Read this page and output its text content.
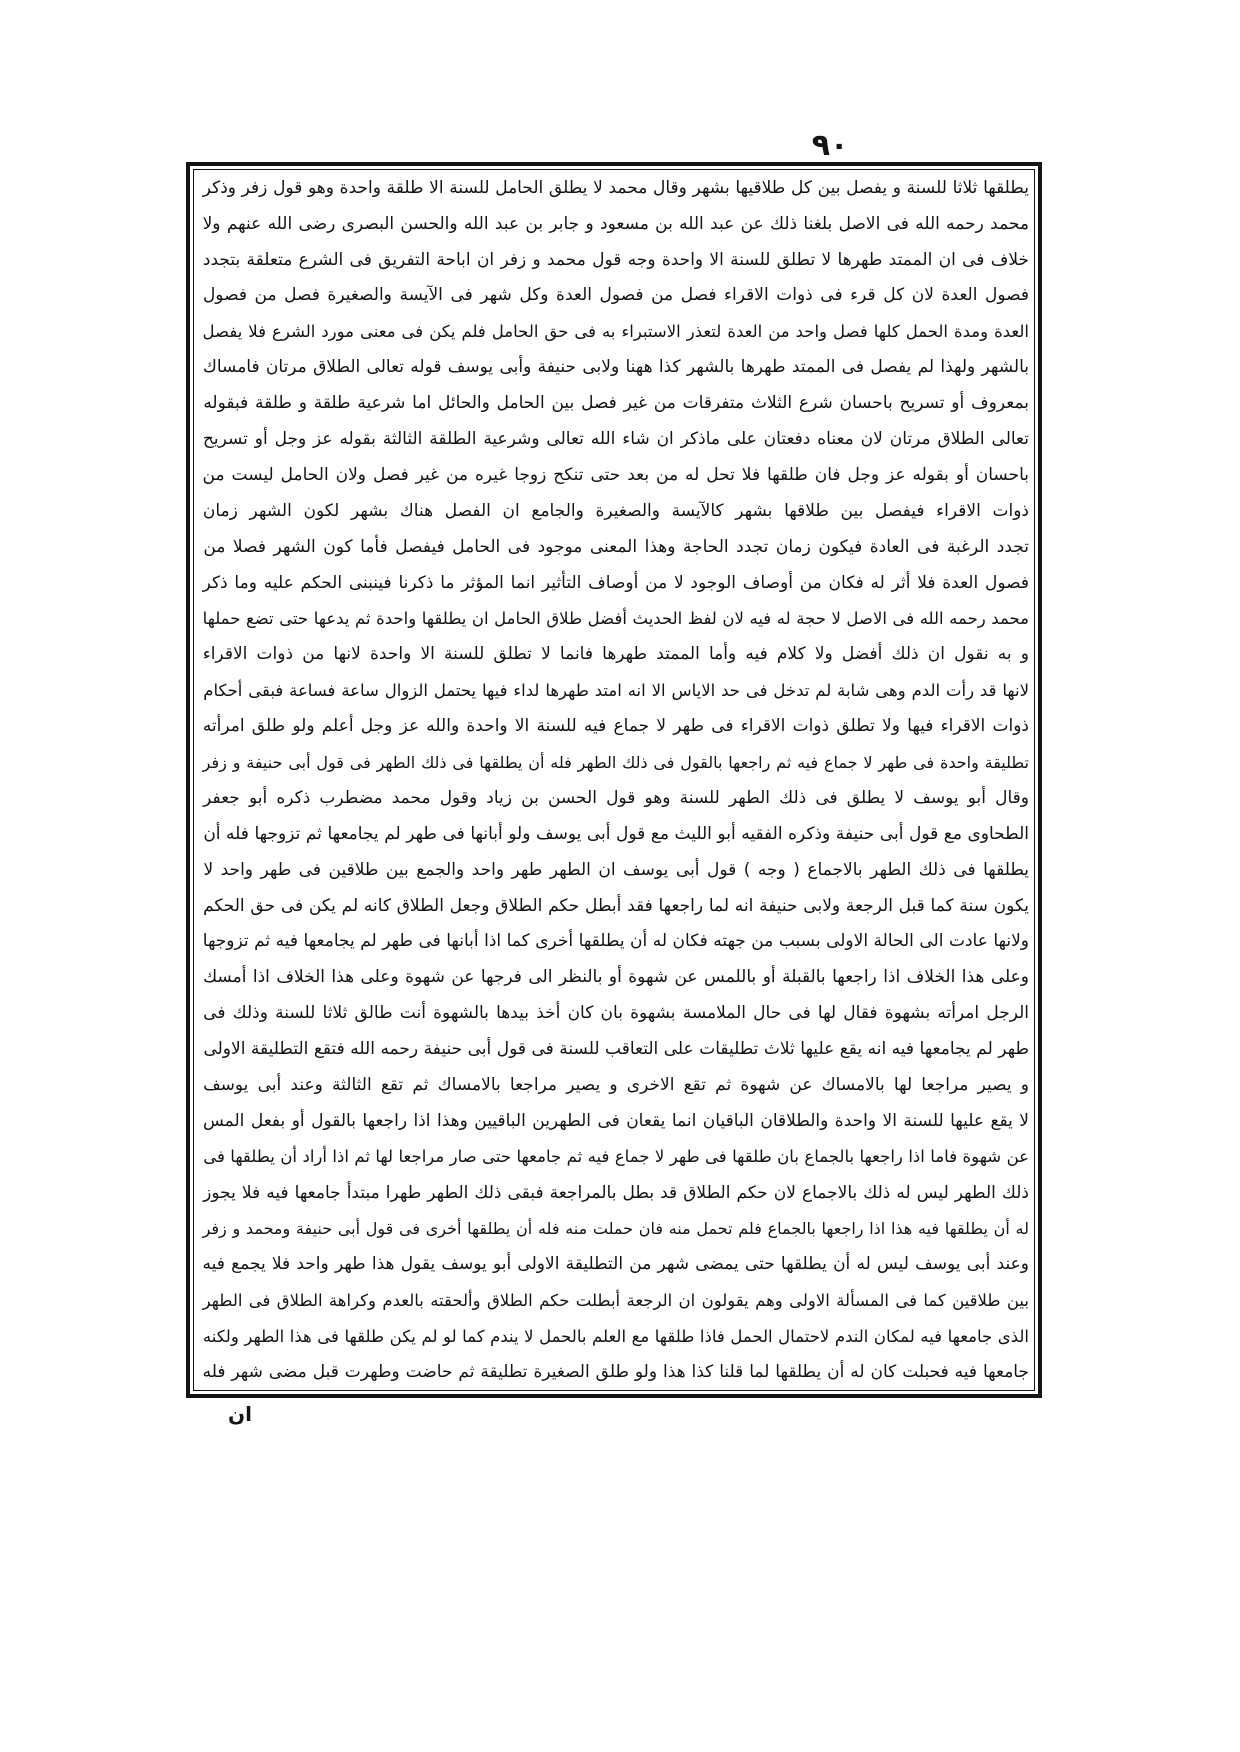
٩٠
يطلقها ثلاثا للسنة و يفصل بين كل طلاقيها بشهر وقال محمد لا يطلق الحامل للسنة الا طلقة واحدة وهو قول زفر وذكر
محمد رحمه الله فى الاصل بلغنا ذلك عن عبد الله بن مسعود و جابر بن عبد الله والحسن البصرى رضى الله عنهم ولا
خلاف فى ان الممتد طهرها لا تطلق للسنة الا واحدة وجه قول محمد و زفر ان اباحة التفريق فى الشرع متعلقة بتجدد
فصول العدة لان كل قرء فى ذوات الاقراء فصل من فصول العدة وكل شهر فى الآيسة والصغيرة فصل من فصول
العدة ومدة الحمل كلها فصل واحد من العدة لتعذر الاستبراء به فى حق الحامل فلم يكن فى معنى مورد الشرع فلا يفصل
بالشهر ولهذا لم يفصل فى الممتد طهرها بالشهر كذا ههنا ولابى حنيفة وأبى يوسف قوله تعالى الطلاق مرتان فامساك
بمعروف أو تسريح باحسان شرع الثلاث متفرقات من غير فصل بين الحامل والحائل اما شرعية طلقة و طلقة فبقوله
تعالى الطلاق مرتان لان معناه دفعتان على ماذكر ان شاء الله تعالى وشرعية الطلقة الثالثة بقوله عز وجل أو تسريح
باحسان أو بقوله عز وجل فان طلقها فلا تحل له من بعد حتى تنكح زوجا غيره من غير فصل ولان الحامل ليست من
ذوات الاقراء فيفصل بين طلاقها بشهر كالآيسة والصغيرة والجامع ان الفصل هناك بشهر لكون الشهر زمان
تجدد الرغبة فى العادة فيكون زمان تجدد الحاجة وهذا المعنى موجود فى الحامل فيفصل فأما كون الشهر فصلا من
فصول العدة فلا أثر له فكان من أوصاف الوجود لا من أوصاف التأثير انما المؤثر ما ذكرنا فينبنى الحكم عليه وما ذكر
محمد رحمه الله فى الاصل لا حجة له فيه لان لفظ الحديث أفضل طلاق الحامل ان يطلقها واحدة ثم يدعها حتى تضع حملها
و به نقول ان ذلك أفضل ولا كلام فيه وأما الممتد طهرها فانما لا تطلق للسنة الا واحدة لانها من ذوات الاقراء
لانها قد رأت الدم وهى شابة لم تدخل فى حد الاياس الا انه امتد طهرها لداء فيها يحتمل الزوال ساعة فساعة فبقى أحكام
ذوات الاقراء فيها ولا تطلق ذوات الاقراء فى طهر لا جماع فيه للسنة الا واحدة والله عز وجل أعلم ولو طلق امرأته
تطليقة واحدة فى طهر لا جماع فيه ثم راجعها بالقول فى ذلك الطهر فله أن يطلقها فى ذلك الطهر فى قول أبى حنيفة و زفر
وقال أبو يوسف لا يطلق فى ذلك الطهر للسنة وهو قول الحسن بن زياد وقول محمد مضطرب ذكره أبو جعفر
الطحاوى مع قول أبى حنيفة وذكره الفقيه أبو الليث مع قول أبى يوسف ولو أبانها فى طهر لم يجامعها ثم تزوجها فله أن
يطلقها فى ذلك الطهر بالاجماع ( وجه ) قول أبى يوسف ان الطهر طهر واحد والجمع بين طلاقين فى طهر واحد لا
يكون سنة كما قبل الرجعة ولابى حنيفة انه لما راجعها فقد أبطل حكم الطلاق وجعل الطلاق كانه لم يكن فى حق الحكم
ولانها عادت الى الحالة الاولى بسبب من جهته فكان له أن يطلقها أخرى كما اذا أبانها فى طهر لم يجامعها فيه ثم تزوجها
وعلى هذا الخلاف اذا راجعها بالقبلة أو باللمس عن شهوة أو بالنظر الى فرجها عن شهوة وعلى هذا الخلاف اذا أمسك
الرجل امرأته بشهوة فقال لها فى حال الملامسة بشهوة بان كان أخذ بيدها بالشهوة أنت طالق ثلاثا للسنة وذلك فى
طهر لم يجامعها فيه انه يقع عليها ثلاث تطليقات على التعاقب للسنة فى قول أبى حنيفة رحمه الله فتقع التطليقة الاولى
و يصير مراجعا لها بالامساك عن شهوة ثم تقع الاخرى و يصير مراجعا بالامساك ثم تقع الثالثة وعند أبى يوسف
لا يقع عليها للسنة الا واحدة والطلاقان الباقيان انما يقعان فى الطهرين الباقيين وهذا اذا راجعها بالقول أو بفعل المس
عن شهوة فاما اذا راجعها بالجماع بان طلقها فى طهر لا جماع فيه ثم جامعها حتى صار مراجعا لها ثم اذا أراد أن يطلقها فى
ذلك الطهر ليس له ذلك بالاجماع لان حكم الطلاق قد بطل بالمراجعة فبقى ذلك الطهر طهرا مبتدأ جامعها فيه فلا يجوز
له أن يطلقها فيه هذا اذا راجعها بالجماع فلم تحمل منه فان حملت منه فله أن يطلقها أخرى فى قول أبى حنيفة ومحمد و زفر
وعند أبى يوسف ليس له أن يطلقها حتى يمضى شهر من التطليقة الاولى أبو يوسف يقول هذا طهر واحد فلا يجمع فيه
بين طلاقين كما فى المسألة الاولى وهم يقولون ان الرجعة أبطلت حكم الطلاق وألحقته بالعدم وكراهة الطلاق فى الطهر
الذى جامعها فيه لمكان الندم لاحتمال الحمل فاذا طلقها مع العلم بالحمل لا يندم كما لو لم يكن طلقها فى هذا الطهر ولكنه
جامعها فيه فحبلت كان له أن يطلقها لما قلنا كذا هذا ولو طلق الصغيرة تطليقة ثم حاضت وطهرت قبل مضى شهر فله
ان
